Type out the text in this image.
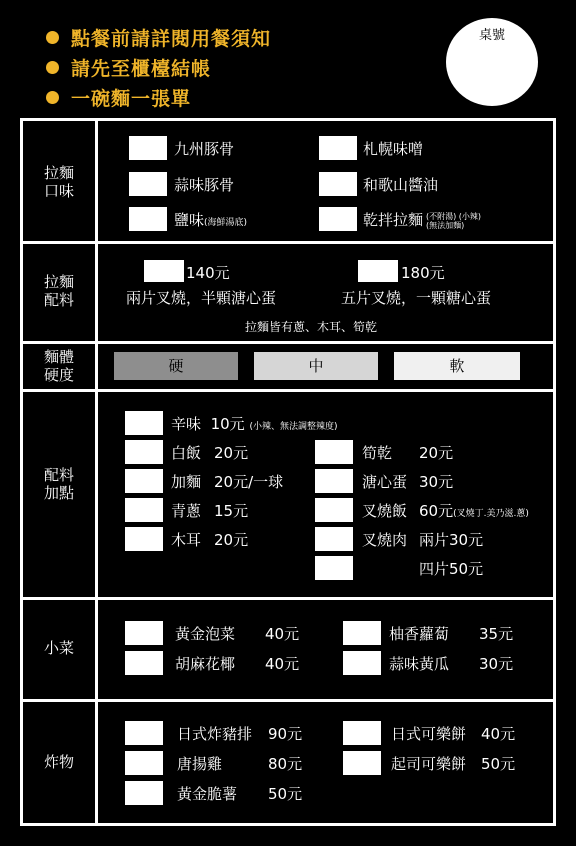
點餐前請詳閱用餐須知
請先至櫃檯結帳
一碗麵一張單
桌號
拉麵
口味
九州豚骨	札幌味噌
蒜味豚骨	和歌山醬油
鹽味(海鮮湯底)	乾拌拉麵 (不附湯) (小辣)
(無法加麵)
拉麵
配料
140元
兩片叉燒，半顆溏心蛋
180元
五片叉燒，一顆糖心蛋
拉麵皆有蔥、木耳、筍乾
麵體
硬度	硬	中	軟
配料
加點
辛味 10元 (小辣、無法調整辣度)
白飯 20元
加麵 20元/一球
青蔥 15元
木耳 20元
筍乾 20元
溏心蛋 30元
叉燒飯 60元(叉燒丁.美乃滋.蔥)
叉燒肉 兩片30元
四片50元
小菜
黃金泡菜 40元	柚香蘿蔔 35元
胡麻花椰 40元	蒜味黃瓜 30元
炸物
日式炸豬排 90元	日式可樂餅 40元
唐揚雞	80元	起司可樂餅 50元
黃金脆薯 50元
